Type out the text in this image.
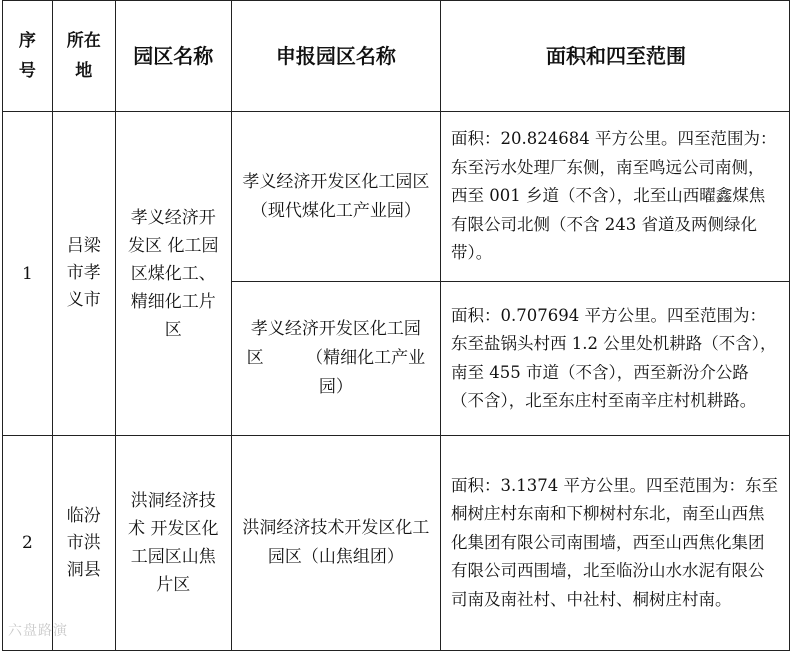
序号	所在地	园区名称	申报园区名称	面积和四至范围
1	吕梁市孝义市	孝义经济开发区 化工园区煤化工、精细化工片区	孝义经济开发区化工园区（现代煤化工产业园）	面积：20.824684 平方公里。四至范围为：东至污水处理厂东侧，南至鸣远公司南侧，西至 001 乡道（不含），北至山西曜鑫煤焦有限公司北侧（不含 243 省道及两侧绿化带）。
			孝义经济开发区化工园区　　　（精细化工产业园）	面积：0.707694 平方公里。四至范围为：东至盐锅头村西 1.2 公里处机耕路（不含），南至 455 市道（不含），西至新汾介公路（不含），北至东庄村至南辛庄村机耕路。
2	临汾市洪洞县	洪洞经济技术 开发区化工园区山焦片区	洪洞经济技术开发区化工园区（山焦组团）	面积：3.1374 平方公里。四至范围为：东至桐树庄村东南和下柳树村东北，南至山西焦化集团有限公司南围墙，西至山西焦化集团有限公司西围墙，北至临汾山水水泥有限公司南及南社村、中社村、桐树庄村南。
六盘路演
